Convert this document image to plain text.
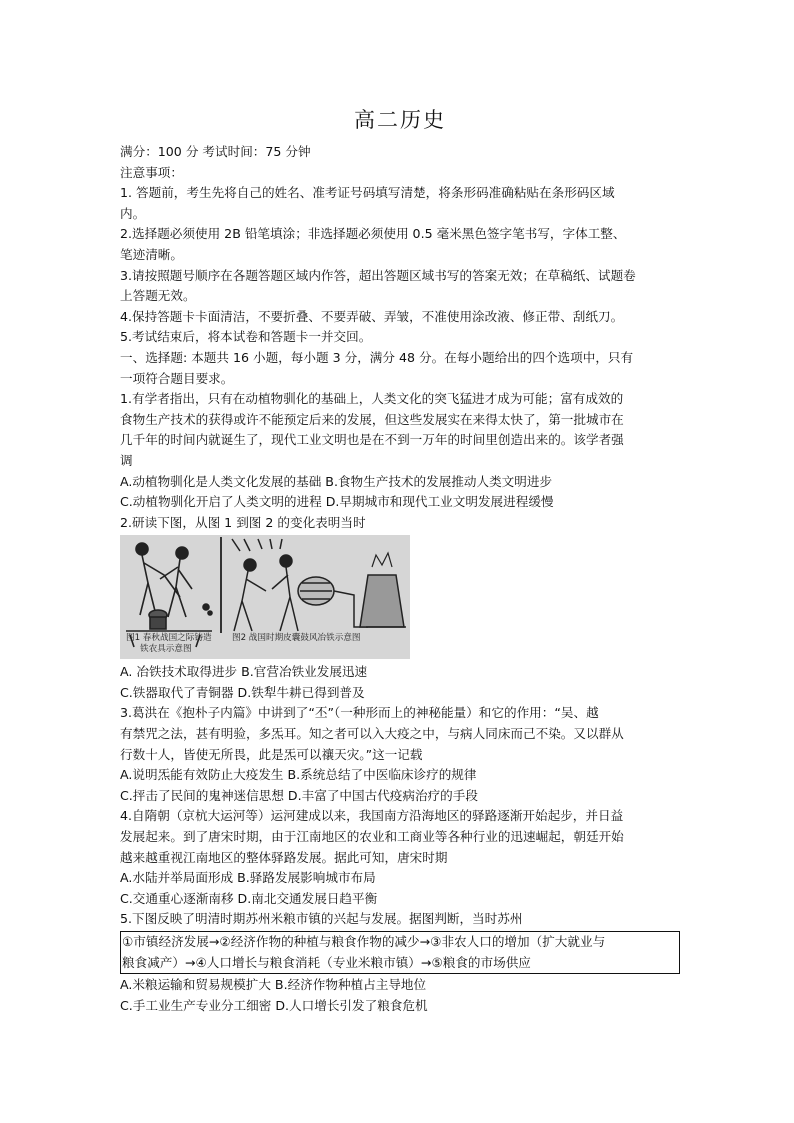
高二历史
满分：100 分 考试时间：75 分钟
注意事项：
1. 答题前，考生先将自己的姓名、准考证号码填写清楚，将条形码准确粘贴在条形码区域
内。
2.选择题必须使用 2B 铅笔填涂；非选择题必须使用 0.5 毫米黑色签字笔书写，字体工整、
笔迹清晰。
3.请按照题号顺序在各题答题区域内作答，超出答题区域书写的答案无效；在草稿纸、试题卷
上答题无效。
4.保持答题卡卡面清洁，不要折叠、不要弄破、弄皱，不准使用涂改液、修正带、刮纸刀。
5.考试结束后，将本试卷和答题卡一并交回。
一、选择题: 本题共 16 小题，每小题 3 分，满分 48 分。在每小题给出的四个选项中，只有
一项符合题目要求。
1.有学者指出，只有在动植物驯化的基础上，人类文化的突飞猛进才成为可能；富有成效的
食物生产技术的获得或许不能预定后来的发展，但这些发展实在来得太快了，第一批城市在
几千年的时间内就诞生了，现代工业文明也是在不到一万年的时间里创造出来的。该学者强
调
A.动植物驯化是人类文化发展的基础 B.食物生产技术的发展推动人类文明进步
C.动植物驯化开启了人类文明的进程 D.早期城市和现代工业文明发展进程缓慢
2.研读下图，从图 1 到图 2 的变化表明当时
图1 春秋战国之际铸造
铁农具示意图
图2 战国时期皮囊鼓风冶铁示意图
A. 冶铁技术取得进步 B.官营冶铁业发展迅速
C.铁器取代了青铜器 D.铁犁牛耕已得到普及
3.葛洪在《抱朴子内篇》中讲到了“丕”（一种形而上的神秘能量）和它的作用：“吴、越
有禁咒之法，甚有明验，多炁耳。知之者可以入大疫之中，与病人同床而己不染。又以群从
行数十人，皆使无所畏，此是炁可以禳天灾。”这一记载
A.说明炁能有效防止大疫发生 B.系统总结了中医临床诊疗的规律
C.抨击了民间的鬼神迷信思想 D.丰富了中国古代疫病治疗的手段
4.自隋朝（京杭大运河等）运河建成以来，我国南方沿海地区的驿路逐渐开始起步，并日益
发展起来。到了唐宋时期，由于江南地区的农业和工商业等各种行业的迅速崛起，朝廷开始
越来越重视江南地区的整体驿路发展。据此可知，唐宋时期
A.水陆并举局面形成 B.驿路发展影响城市布局
C.交通重心逐渐南移 D.南北交通发展日趋平衡
5.下图反映了明清时期苏州米粮市镇的兴起与发展。据图判断，当时苏州
①市镇经济发展→②经济作物的种植与粮食作物的减少→③非农人口的增加（扩大就业与
粮食减产）→④人口增长与粮食消耗（专业米粮市镇）→⑤粮食的市场供应
A.米粮运输和贸易规模扩大 B.经济作物种植占主导地位
C.手工业生产专业分工细密 D.人口增长引发了粮食危机
